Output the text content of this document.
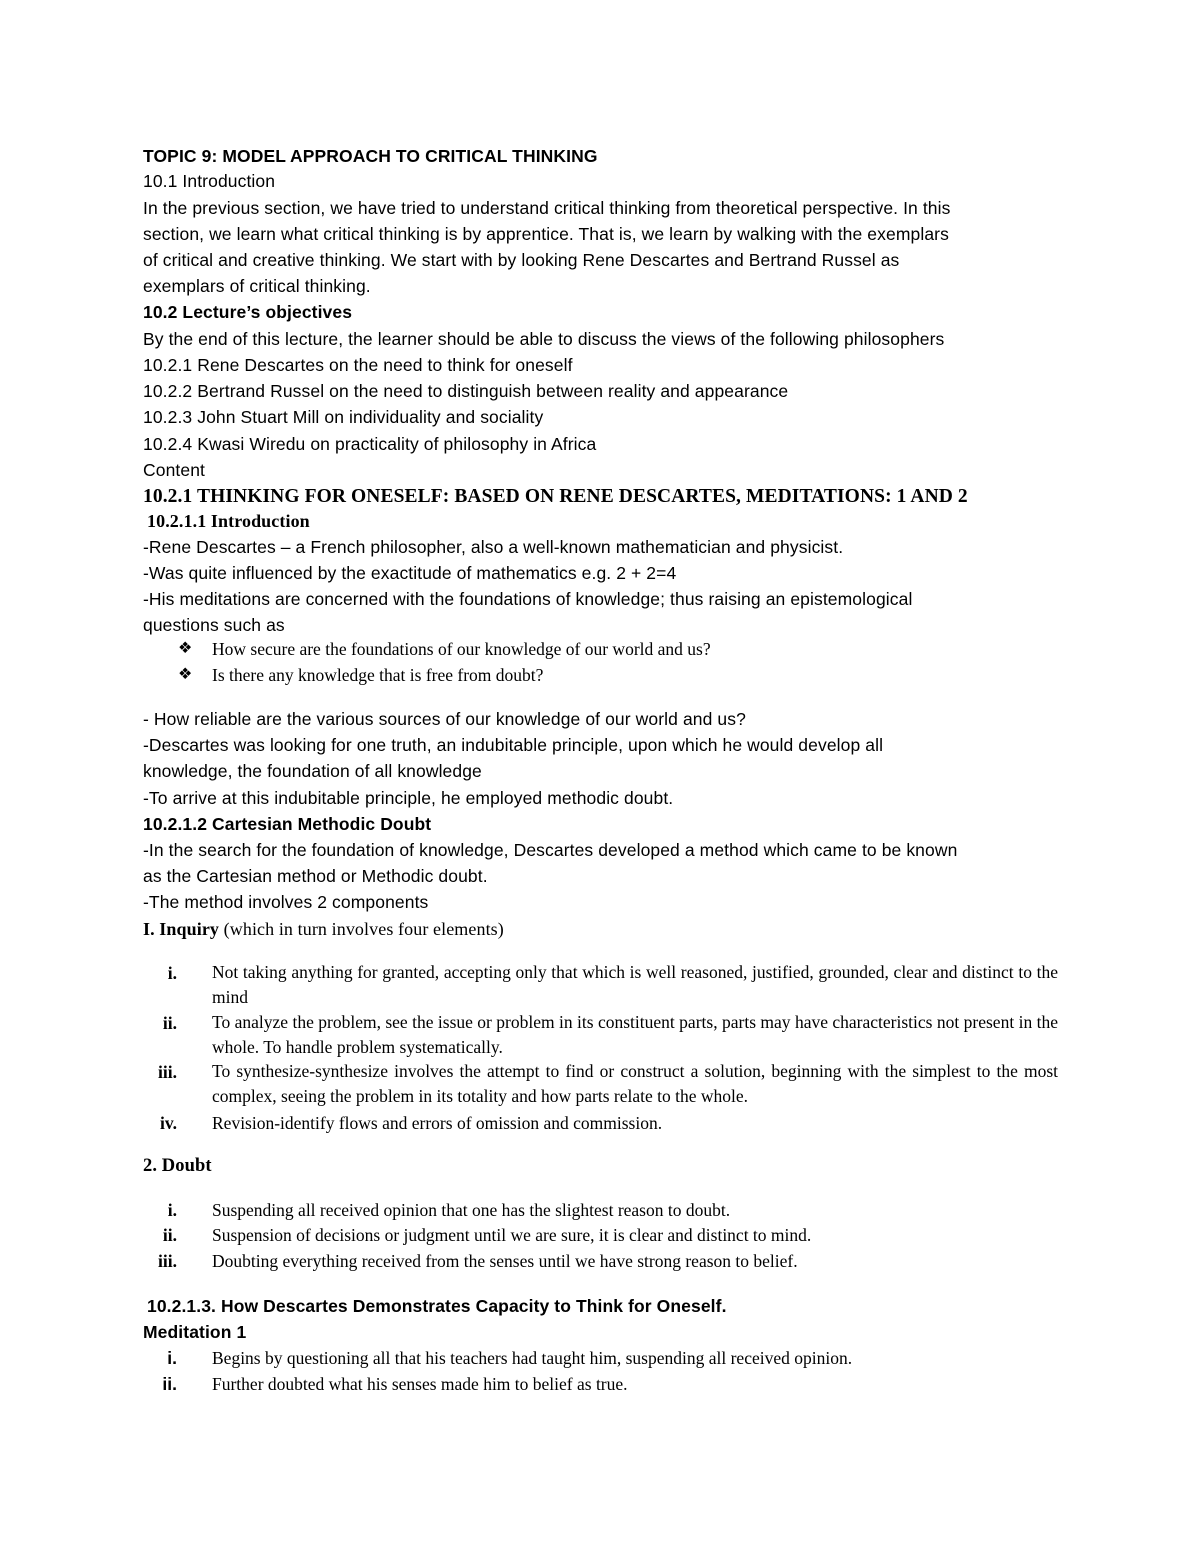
TOPIC 9: MODEL APPROACH TO CRITICAL THINKING
10.1 Introduction
In the previous section, we have tried to understand critical thinking from theoretical perspective. In this
section, we learn what critical thinking is by apprentice. That is, we learn by walking with the exemplars
of critical and creative thinking. We start with by looking Rene Descartes and Bertrand Russel as
exemplars of critical thinking.
10.2 Lecture’s objectives
By the end of this lecture, the learner should be able to discuss the views of the following philosophers
10.2.1 Rene Descartes on the need to think for oneself
10.2.2 Bertrand Russel on the need to distinguish between reality and appearance
10.2.3 John Stuart Mill on individuality and sociality
10.2.4 Kwasi Wiredu on practicality of philosophy in Africa
Content
10.2.1 THINKING FOR ONESELF: BASED ON RENE DESCARTES, MEDITATIONS: 1 AND 2
10.2.1.1 Introduction
-Rene Descartes – a French philosopher, also a well-known mathematician and physicist.
-Was quite influenced by the exactitude of mathematics e.g. 2 + 2=4
-His meditations are concerned with the foundations of knowledge; thus raising an epistemological
questions such as
❖ How secure are the foundations of our knowledge of our world and us?
❖ Is there any knowledge that is free from doubt?
- How reliable are the various sources of our knowledge of our world and us?
-Descartes was looking for one truth, an indubitable principle, upon which he would develop all
knowledge, the foundation of all knowledge
-To arrive at this indubitable principle, he employed methodic doubt.
10.2.1.2 Cartesian Methodic Doubt
-In the search for the foundation of knowledge, Descartes developed a method which came to be known
as the Cartesian method or Methodic doubt.
-The method involves 2 components
I. Inquiry (which in turn involves four elements)
i. Not taking anything for granted, accepting only that which is well reasoned, justified, grounded, clear and distinct to the mind
ii. To analyze the problem, see the issue or problem in its constituent parts, parts may have characteristics not present in the whole. To handle problem systematically.
iii. To synthesize-synthesize involves the attempt to find or construct a solution, beginning with the simplest to the most complex, seeing the problem in its totality and how parts relate to the whole.
iv. Revision-identify flows and errors of omission and commission.
2. Doubt
i. Suspending all received opinion that one has the slightest reason to doubt.
ii. Suspension of decisions or judgment until we are sure, it is clear and distinct to mind.
iii. Doubting everything received from the senses until we have strong reason to belief.
10.2.1.3. How Descartes Demonstrates Capacity to Think for Oneself.
Meditation 1
i. Begins by questioning all that his teachers had taught him, suspending all received opinion.
ii. Further doubted what his senses made him to belief as true.
